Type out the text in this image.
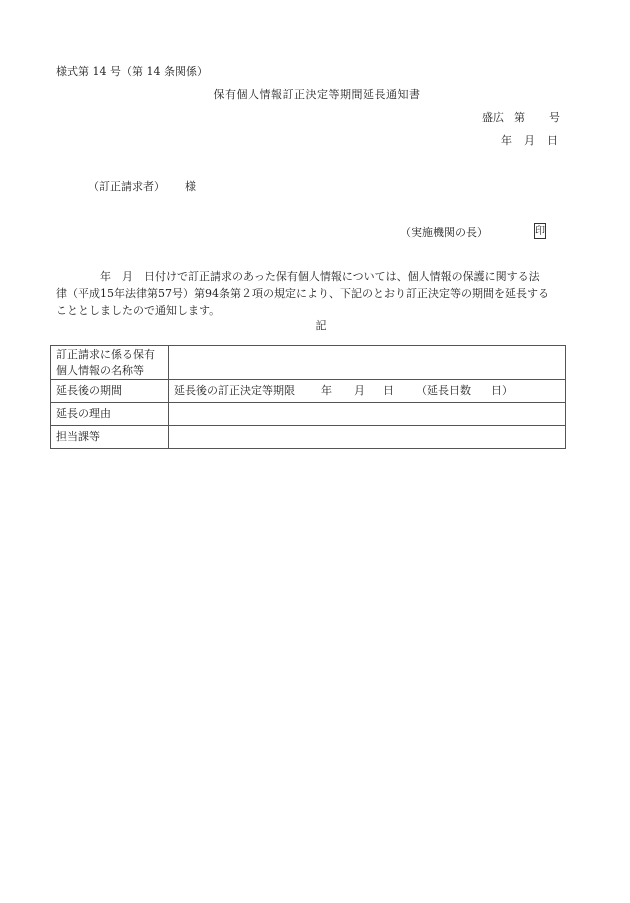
様式第 14 号（第 14 条関係）
保有個人情報訂正決定等期間延長通知書
盛広 第 号
年 月 日
（訂正請求者） 様
（実施機関の長）	印

年 月 日付けで訂正請求のあった保有個人情報については、個人情報の保護に関する法

律（平成15年法律第57号）第94条第２項の規定により、下記のとおり訂正決定等の期間を延長する

こととしましたので通知します。

記
訂正請求に係る保有
個人情報の名称等	

延長後の期間	延長後の訂正決定等期限 年 月 日 （延長日数 日）

延長の理由	
担当課等	
